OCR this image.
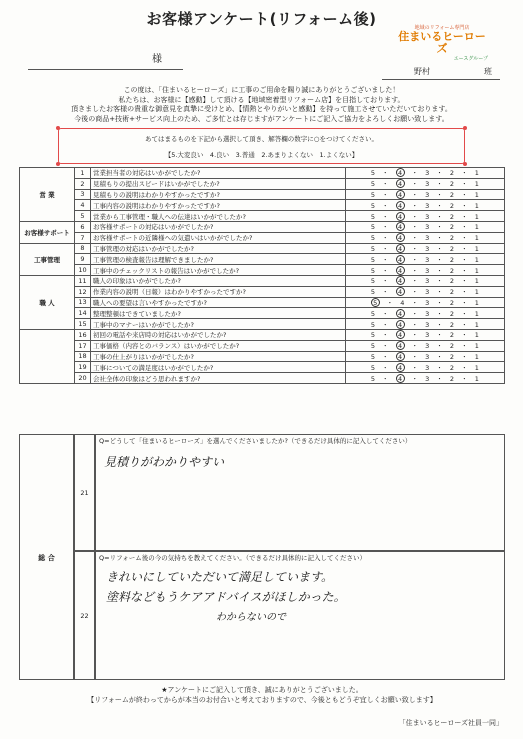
お客様アンケート(リフォーム後)	地域のリフォーム専門店
住まいるヒーローズ
エースグループ
様
野村	班
この度は、「住まいるヒーローズ」に工事のご用命を賜り誠にありがとうございました！
私たちは、お客様に【感動】して頂ける【地域密着型リフォーム店】を目指しております。
頂きましたお客様の貴重な御意見を真摯に受けとめ、【情熱とやりがいと感動】を持って施工させていただいております。
今後の商品+技術+サービス向上のため、ご多忙とは存じますがアンケートにご記入ご協力をよろしくお願い致します。
あてはまるものを下記から選択して頂き、解答欄の数字に○をつけてください。
【5.大変良い　4.良い　3.普通　2.あまりよくない　1.よくない】
営 業	1	営業担当者の対応はいかがでしたか?	5　・　4　・　3　・　2　・　1
	2	見積もりの提出スピードはいかがでしたか?	5　・　4　・　3　・　2　・　1
	3	見積もりの説明はわかりやすかったですか?	5　・　4　・　3　・　2　・　1
	4	工事内容の説明はわかりやすかったですか?	5　・　4　・　3　・　2　・　1
	5	営業から工事管理・職人への伝達はいかがでしたか?	5　・　4　・　3　・　2　・　1
お客様サポート	6	お客様サポートの対応はいかがでしたか?	5　・　4　・　3　・　2　・　1
	7	お客様サポートの近隣様への気遣いはいかがでしたか?	5　・　4　・　3　・　2　・　1
工事管理	8	工事管理の対応はいかがでしたか?	5　・　4　・　3　・　2　・　1
	9	工事管理の検査報告は理解できましたか?	5　・　4　・　3　・　2　・　1
	10	工事中のチェックリストの報告はいかがでしたか?	5　・　4　・　3　・　2　・　1
職 人	11	職人の印象はいかがでしたか?	5　・　4　・　3　・　2　・　1
	12	作業内容の説明（日報）はわかりやすかったですか?	5　・　4　・　3　・　2　・　1
	13	職人への要望は言いやすかったですか?	5　・　4　・　3　・　2　・　1
	14	整理整頓はできていましたか?	5　・　4　・　3　・　2　・　1
	15	工事中のマナーはいかがでしたか?	5　・　4　・　3　・　2　・　1
	16	初回の電話や来店時の対応はいかがでしたか?	5　・　4　・　3　・　2　・　1
	17	工事価格（内容とのバランス）はいかがでしたか?	5　・　4　・　3　・　2　・　1
	18	工事の仕上がりはいかがでしたか?	5　・　4　・　3　・　2　・　1
	19	工事についての満足度はいかがでしたか?	5　・　4　・　3　・　2　・　1
	20	会社全体の印象はどう思われますか?	5　・　4　・　3　・　2　・　1
総 合
21
Q=どうして「住まいるヒーローズ」を選んでくださいましたか?（できるだけ具体的に記入してください）
見積りがわかりやすい
22
Q=リフォーム後の今の気持ちを教えてください。（できるだけ具体的に記入してください）
きれいにしていただいて満足しています。
塗料などもうケアアドバイスがほしかった。
わからないので
★アンケートにご記入して頂き、誠にありがとうございました。
【リフォームが終わってからが本当のお付合いと考えておりますので、今後ともどうぞ宜しくお願い致します】
「住まいるヒーローズ社員一同」
